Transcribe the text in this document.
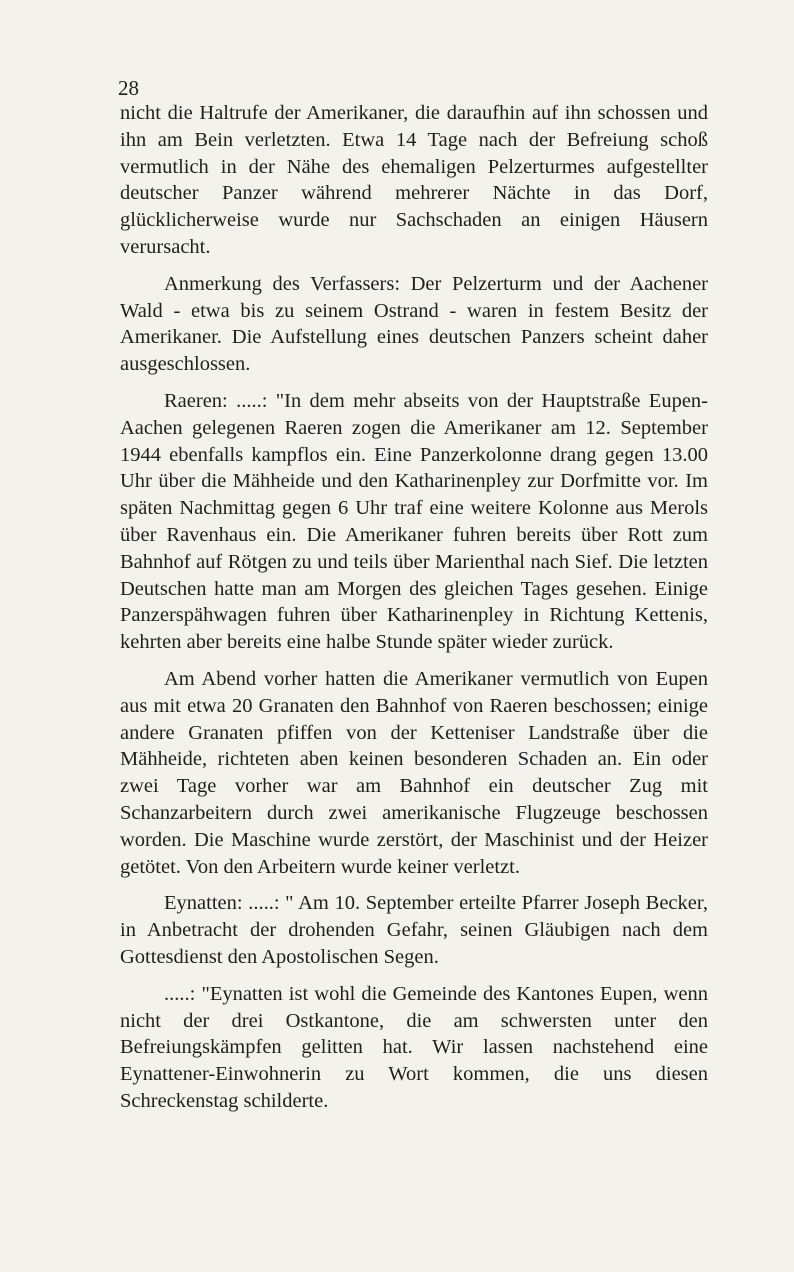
28

nicht die Haltrufe der Amerikaner, die daraufhin auf ihn schossen und ihn am Bein verletzten. Etwa 14 Tage nach der Befreiung schoß vermutlich in der Nähe des ehemaligen Pelzerturmes aufgestellter deutscher Panzer während mehrerer Nächte in das Dorf, glücklicherweise wurde nur Sachschaden an einigen Häusern verursacht.

Anmerkung des Verfassers: Der Pelzerturm und der Aachener Wald - etwa bis zu seinem Ostrand - waren in festem Besitz der Amerikaner. Die Aufstellung eines deutschen Panzers scheint daher ausgeschlossen.

Raeren: .....: "In dem mehr abseits von der Hauptstraße Eupen-Aachen gelegenen Raeren zogen die Amerikaner am 12. September 1944 ebenfalls kampflos ein. Eine Panzerkolonne drang gegen 13.00 Uhr über die Mähheide und den Katharinenpley zur Dorfmitte vor. Im späten Nachmittag gegen 6 Uhr traf eine weitere Kolonne aus Merols über Ravenhaus ein. Die Amerikaner fuhren bereits über Rott zum Bahnhof auf Rötgen zu und teils über Marienthal nach Sief. Die letzten Deutschen hatte man am Morgen des gleichen Tages gesehen. Einige Panzerspähwagen fuhren über Katharinenpley in Richtung Kettenis, kehrten aber bereits eine halbe Stunde später wieder zurück.

Am Abend vorher hatten die Amerikaner vermutlich von Eupen aus mit etwa 20 Granaten den Bahnhof von Raeren beschossen; einige andere Granaten pfiffen von der Ketteniser Landstraße über die Mähheide, richteten aben keinen besonderen Schaden an. Ein oder zwei Tage vorher war am Bahnhof ein deutscher Zug mit Schanzarbeitern durch zwei amerikanische Flugzeuge beschossen worden. Die Maschine wurde zerstört, der Maschinist und der Heizer getötet. Von den Arbeitern wurde keiner verletzt.

Eynatten: .....: " Am 10. September erteilte Pfarrer Joseph Becker, in Anbetracht der drohenden Gefahr, seinen Gläubigen nach dem Gottesdienst den Apostolischen Segen.

.....: "Eynatten ist wohl die Gemeinde des Kantones Eupen, wenn nicht der drei Ostkantone, die am schwersten unter den Befreiungskämpfen gelitten hat. Wir lassen nachstehend eine Eynattener-Einwohnerin zu Wort kommen, die uns diesen Schreckenstag schilderte.
